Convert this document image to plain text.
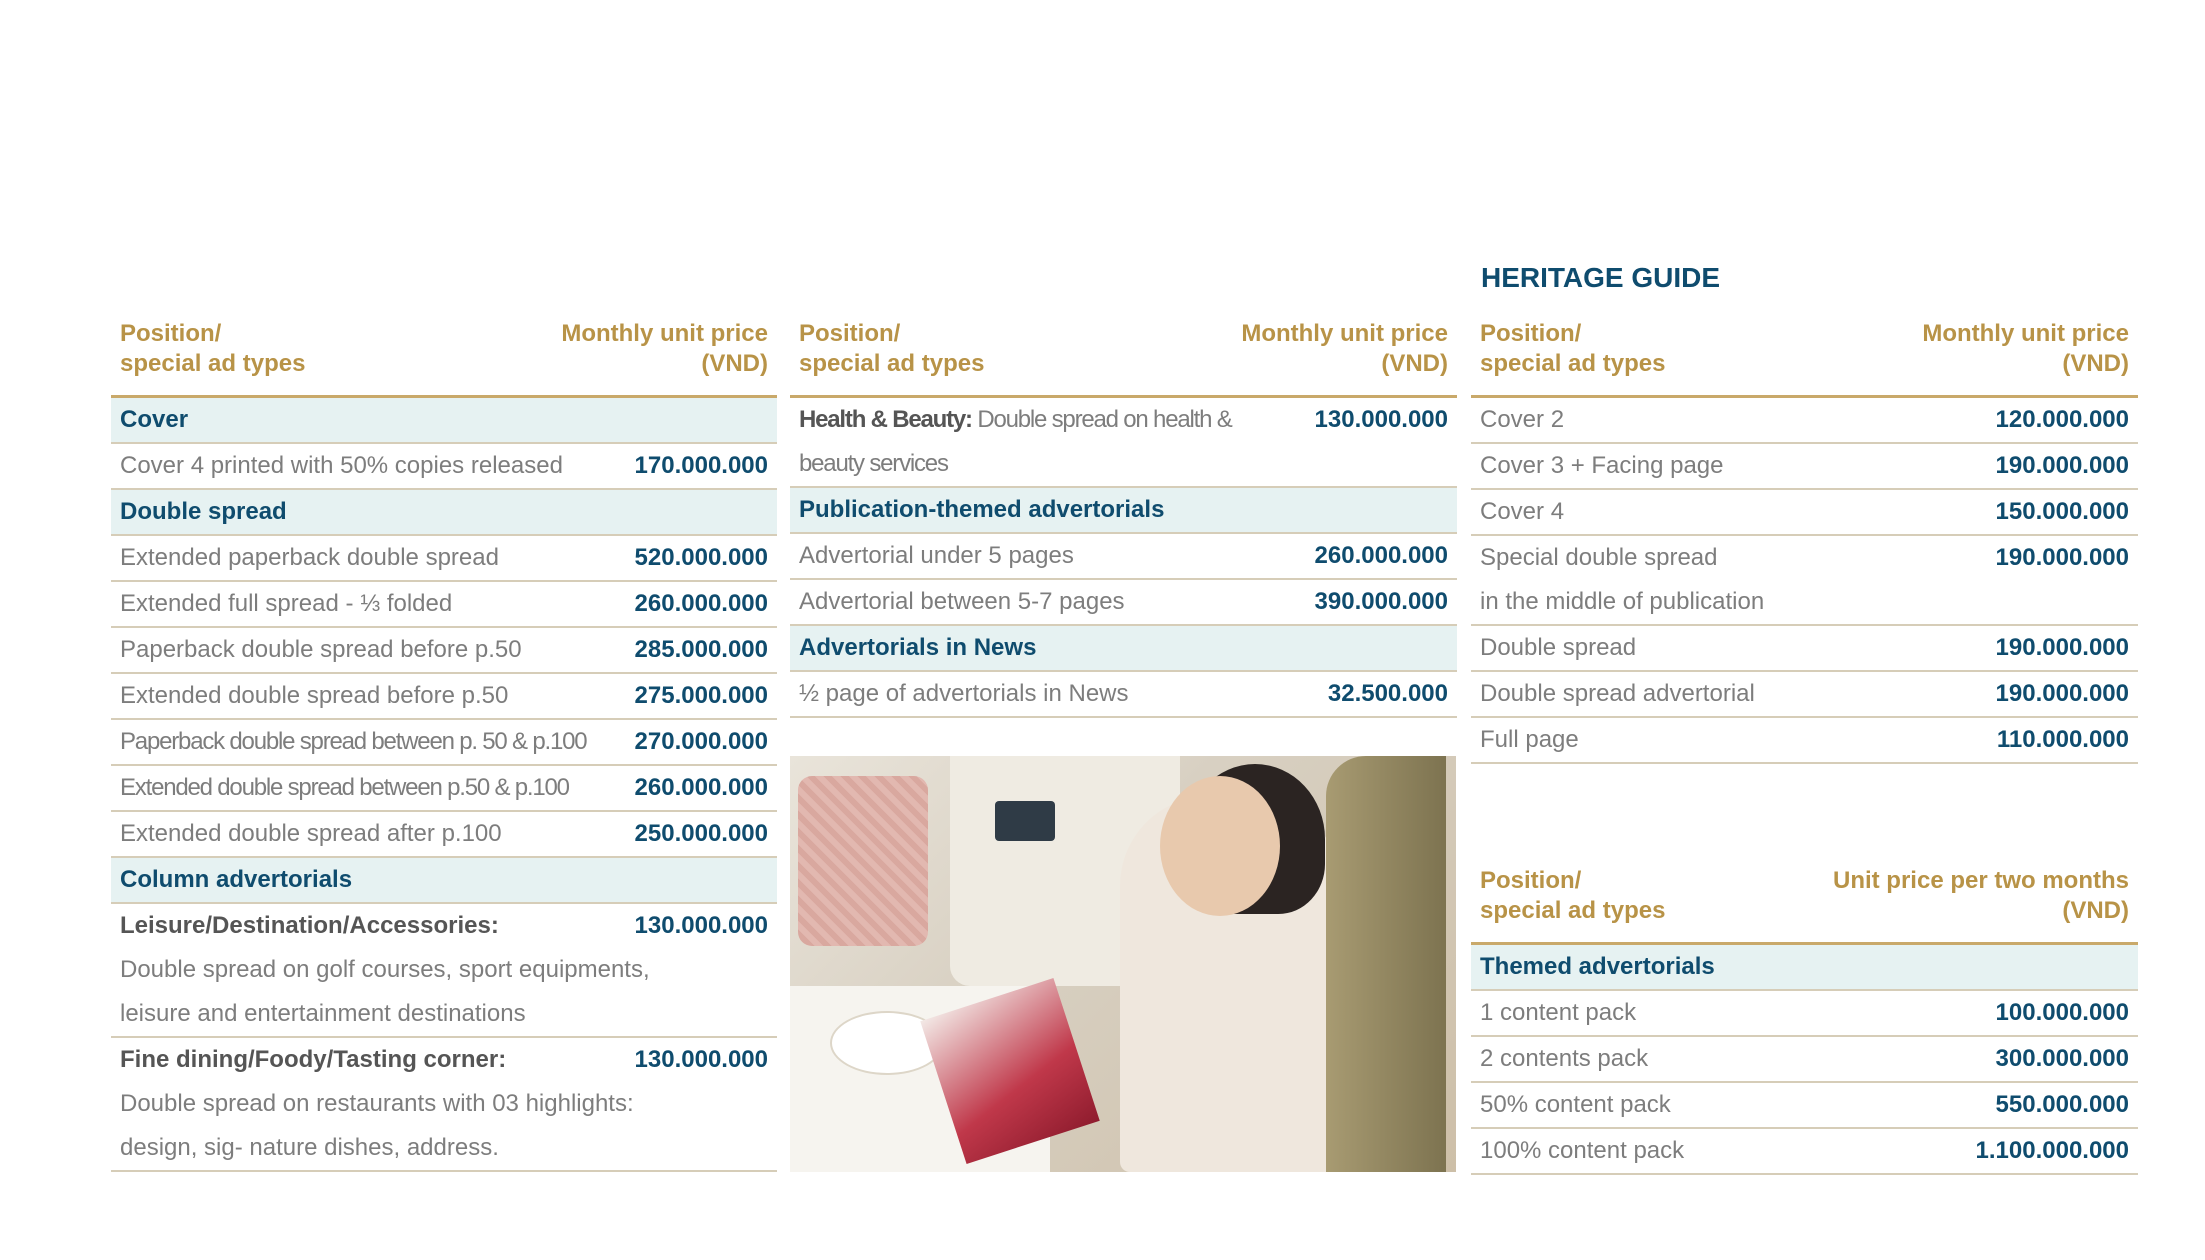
HERITAGE GUIDE
Position/
special ad types
Monthly unit price
(VND)
Cover
Cover 4 printed with 50% copies released	170.000.000
Double spread
Extended paperback double spread	520.000.000
Extended full spread - ⅓ folded	260.000.000
Paperback double spread before p.50	285.000.000
Extended double spread before p.50	275.000.000
Paperback double spread between p. 50 & p.100	270.000.000
Extended double spread between p.50 & p.100	260.000.000
Extended double spread after p.100	250.000.000
Column advertorials
Leisure/Destination/Accessories:	130.000.000
Double spread on golf courses, sport equipments,
leisure and entertainment destinations
Fine dining/Foody/Tasting corner:	130.000.000
Double spread on restaurants with 03 highlights:
design, sig- nature dishes, address.
Position/
special ad types
Monthly unit price
(VND)
Health & Beauty: Double spread on health &	130.000.000
beauty services
Publication-themed advertorials
Advertorial under 5 pages	260.000.000
Advertorial between 5-7 pages	390.000.000
Advertorials in News
½ page of advertorials in News	32.500.000
Position/
special ad types
Monthly unit price
(VND)
Cover 2	120.000.000
Cover 3 + Facing page	190.000.000
Cover 4	150.000.000
Special double spread	190.000.000
in the middle of publication
Double spread	190.000.000
Double spread advertorial	190.000.000
Full page	110.000.000
Position/
special ad types
Unit price per two months
(VND)
Themed advertorials
1 content pack	100.000.000
2 contents pack	300.000.000
50% content pack	550.000.000
100% content pack	1.100.000.000
